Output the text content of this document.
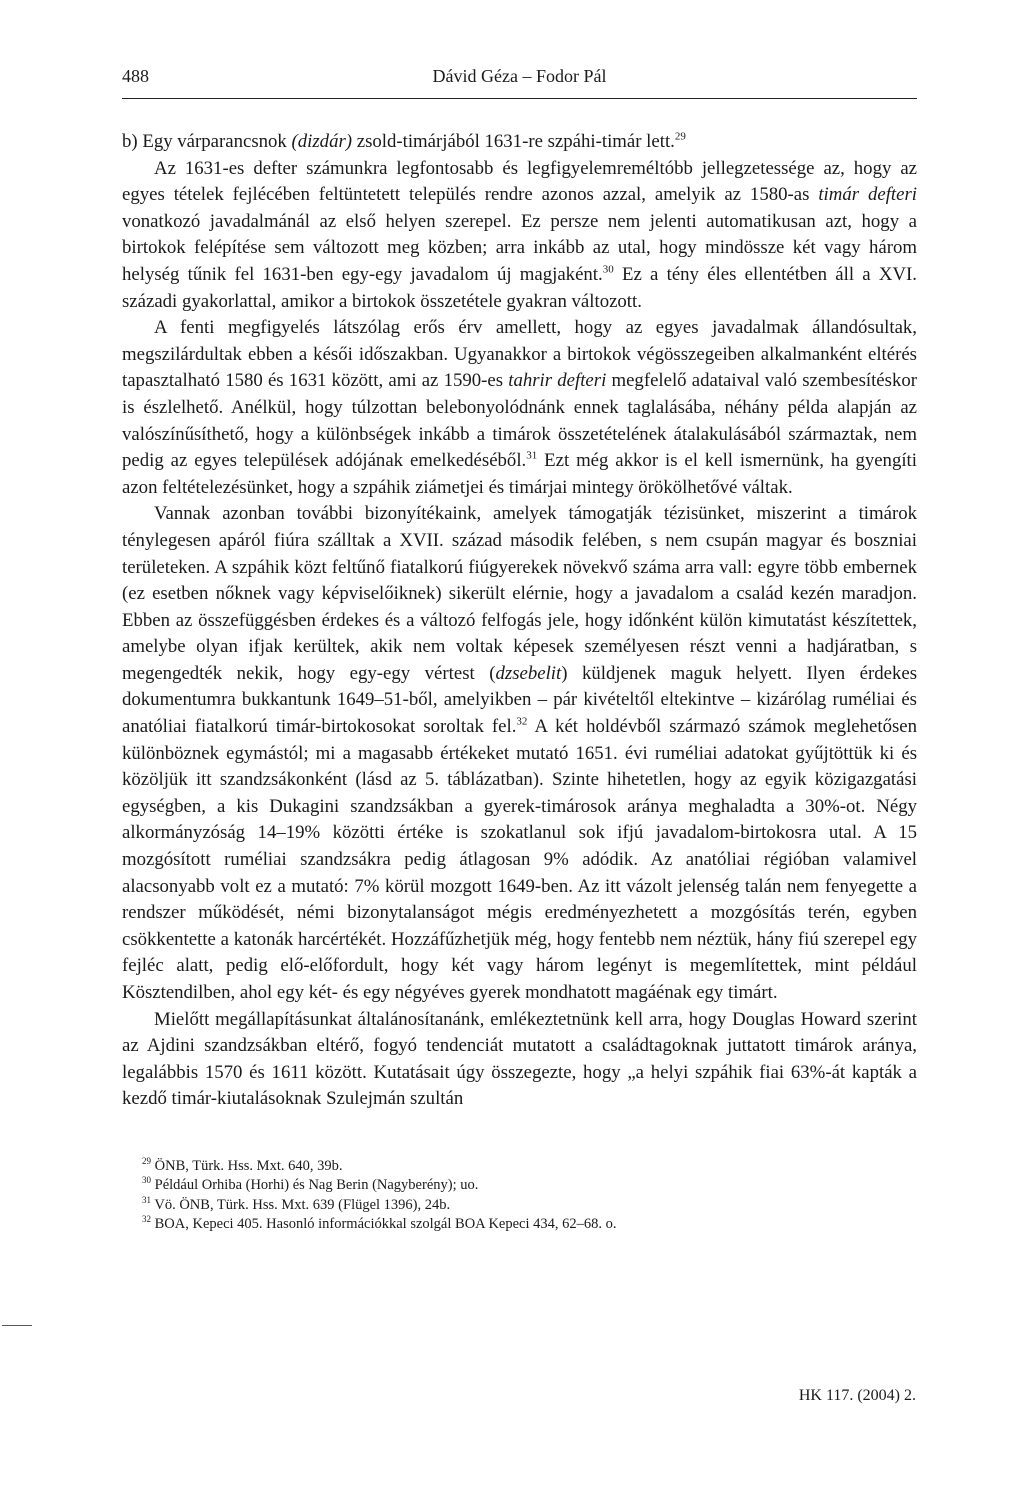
488	Dávid Géza – Fodor Pál

b) Egy várparancsnok (dizdár) zsold-timárjából 1631-re szpáhi-timár lett.$^{29}$

Az 1631-es defter számunkra legfontosabb és legfigyelemreméltóbb jellegzetessége az, hogy az egyes tételek fejlécében feltüntetett település rendre azonos azzal, amelyik az 1580-as timár defteri vonatkozó javadalmánál az első helyen szerepel. Ez persze nem jelenti automatikusan azt, hogy a birtokok felépítése sem változott meg közben; arra inkább az utal, hogy mindössze két vagy három helység tűnik fel 1631-ben egy-egy javadalom új magjaként.$^{30}$ Ez a tény éles ellentétben áll a XVI. századi gyakorlattal, amikor a birtokok összetétele gyakran változott.

A fenti megfigyelés látszólag erős érv amellett, hogy az egyes javadalmak állandósultak, megszilárdultak ebben a késői időszakban. Ugyanakkor a birtokok végösszegeiben alkalmanként eltérés tapasztalható 1580 és 1631 között, ami az 1590-es tahrir defteri megfelelő adataival való szembesítéskor is észlelhető. Anélkül, hogy túlzottan belebonyolódnánk ennek taglalásába, néhány példa alapján az valószínűsíthető, hogy a különbségek inkább a timárok összetételének átalakulásából származtak, nem pedig az egyes települések adójának emelkedéséből.$^{31}$ Ezt még akkor is el kell ismernünk, ha gyengíti azon feltételezésünket, hogy a szpáhik ziámetjei és timárjai mintegy örökölhetővé váltak.

Vannak azonban további bizonyítékaink, amelyek támogatják tézisünket, miszerint a timárok ténylegesen apáról fiúra szálltak a XVII. század második felében, s nem csupán magyar és boszniai területeken. A szpáhik közt feltűnő fiatalkorú fiúgyerekek növekvő száma arra vall: egyre több embernek (ez esetben nőknek vagy képviselőiknek) sikerült elérnie, hogy a javadalom a család kezén maradjon. Ebben az összefüggésben érdekes és a változó felfogás jele, hogy időnként külön kimutatást készítettek, amelybe olyan ifjak kerültek, akik nem voltak képesek személyesen részt venni a hadjáratban, s megengedték nekik, hogy egy-egy vértest (dzsebelit) küldjenek maguk helyett. Ilyen érdekes dokumentumra bukkantunk 1649–51-ből, amelyikben – pár kivételtől eltekintve – kizárólag ruméliai és anatóliai fiatalkorú timár-birtokosokat soroltak fel.$^{32}$ A két holdévből származó számok meglehetősen különböznek egymástól; mi a magasabb értékeket mutató 1651. évi ruméliai adatokat gyűjtöttük ki és közöljük itt szandzsákonként (lásd az 5. táblázatban). Szinte hihetetlen, hogy az egyik közigazgatási egységben, a kis Dukagini szandzsákban a gyerek-timárosok aránya meghaladta a 30%-ot. Négy alkormányzóság 14–19% közötti értéke is szokatlanul sok ifjú javadalom-birtokosra utal. A 15 mozgósított ruméliai szandzsákra pedig átlagosan 9% adódik. Az anatóliai régióban valamivel alacsonyabb volt ez a mutató: 7% körül mozgott 1649-ben. Az itt vázolt jelenség talán nem fenyegette a rendszer működését, némi bizonytalanságot mégis eredményezhetett a mozgósítás terén, egyben csökkentette a katonák harcértékét. Hozzáfűzhetjük még, hogy fentebb nem néztük, hány fiú szerepel egy fejléc alatt, pedig elő-előfordult, hogy két vagy három legényt is megemlítettek, mint például Kösztendilben, ahol egy két- és egy négyéves gyerek mondhatott magáénak egy timárt.

Mielőtt megállapításunkat általánosítanánk, emlékeztetnünk kell arra, hogy Douglas Howard szerint az Ajdini szandzsákban eltérő, fogyó tendenciát mutatott a családtagoknak juttatott timárok aránya, legalábbis 1570 és 1611 között. Kutatásait úgy összegezte, hogy „a helyi szpáhik fiai 63%-át kapták a kezdő timár-kiutalásoknak Szulejmán szultán

$^{29}$ ÖNB, Türk. Hss. Mxt. 640, 39b.

$^{30}$ Például Orhiba (Horhi) és Nag Berin (Nagyberény); uo.

$^{31}$ Vö. ÖNB, Türk. Hss. Mxt. 639 (Flügel 1396), 24b.

$^{32}$ BOA, Kepeci 405. Hasonló információkkal szolgál BOA Kepeci 434, 62–68. o.

HK 117. (2004) 2.
